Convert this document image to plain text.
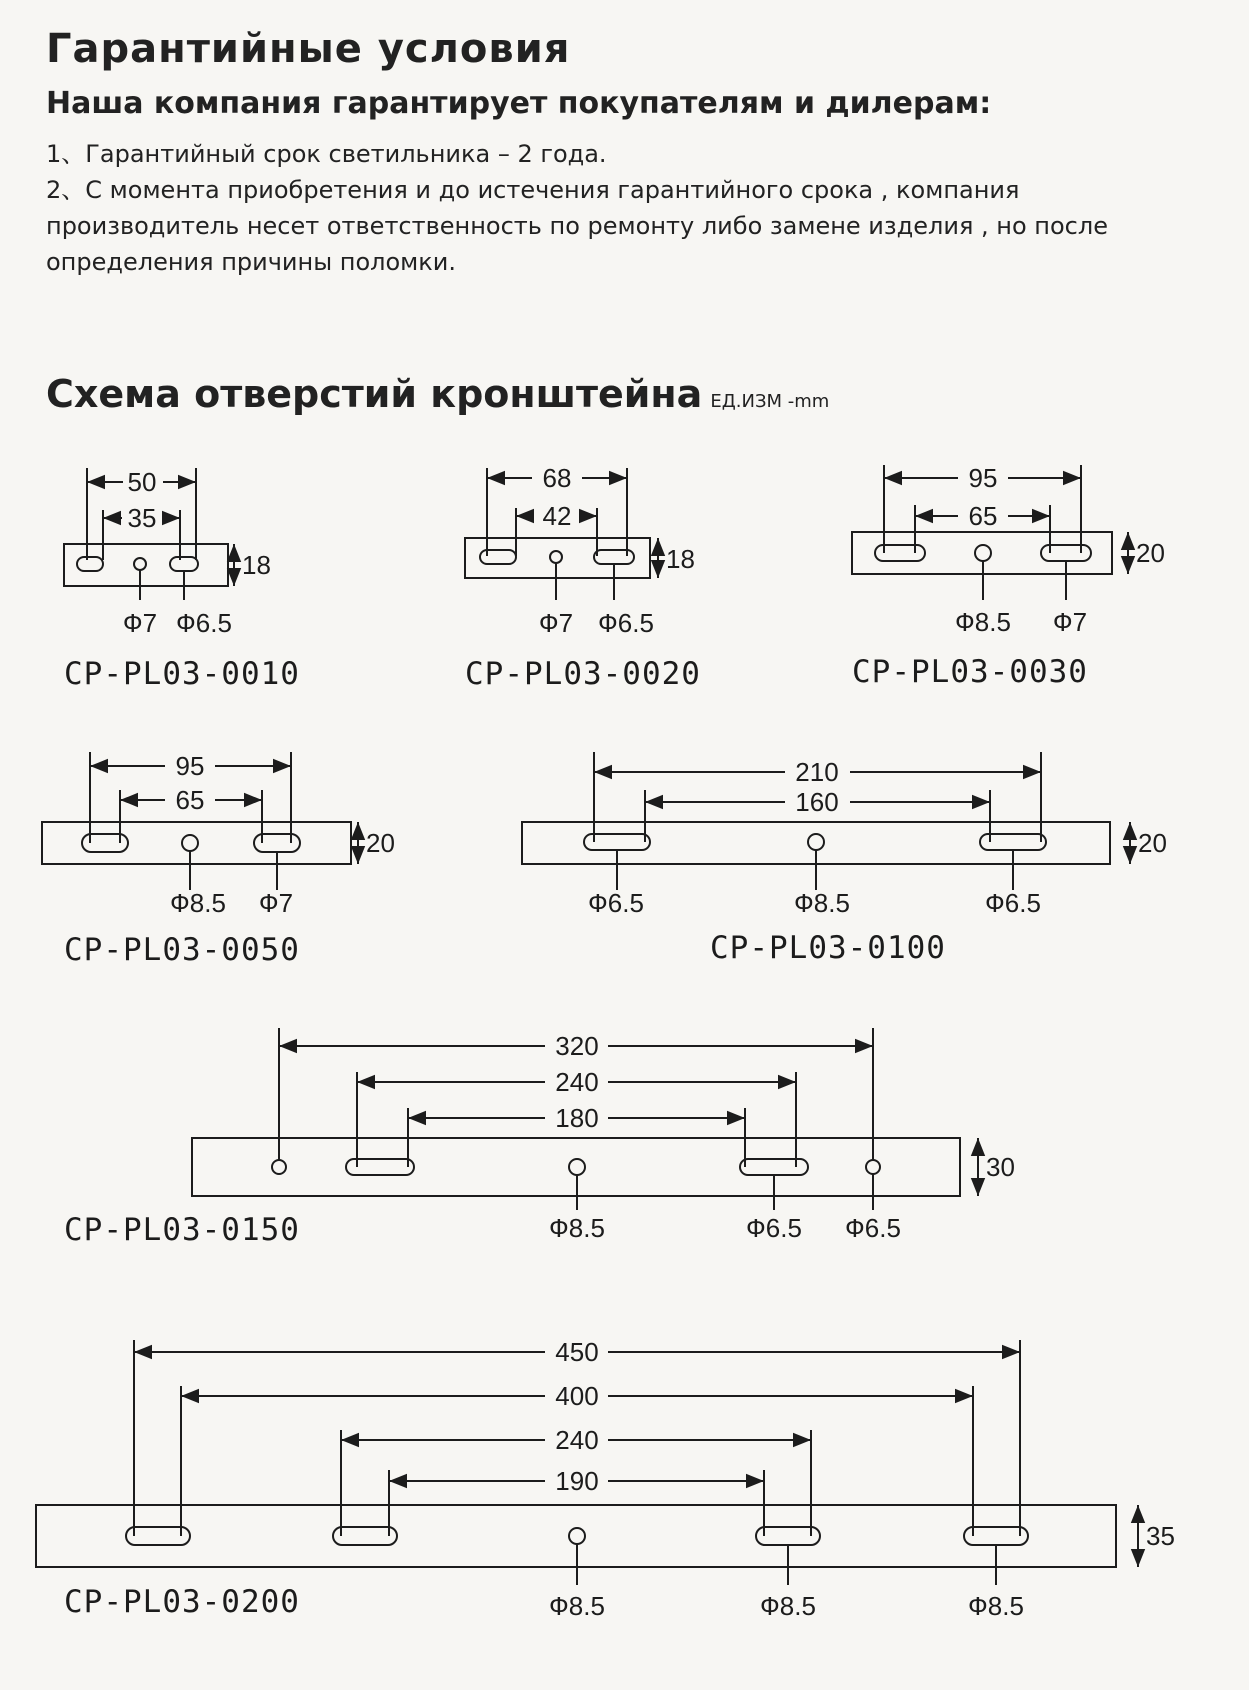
Гарантийные условия
Наша компания гарантирует покупателям и дилерам:
1、Гарантийный срок светильника – 2 года.
2、С момента приобретения и до истечения гарантийного срока , компания производитель несет ответственность по ремонту либо замене изделия , но после определения причины поломки.
Схема отверстий кронштейна ЕД.ИЗМ -mm
50
35
18
Ф7 Ф6.5
CP-PL03-0010
68
42
18
Ф7 Ф6.5
CP-PL03-0020
95
65
20
Ф8.5 Ф7
CP-PL03-0030
95
65
20
Ф8.5 Ф7
CP-PL03-0050
210
160
20
Ф6.5	Ф8.5	Ф6.5
CP-PL03-0100
320
240
180
30
Ф8.5	Ф6.5 Ф6.5
CP-PL03-0150
450
400
240
190
35
Ф8.5	Ф8.5	Ф8.5
CP-PL03-0200
